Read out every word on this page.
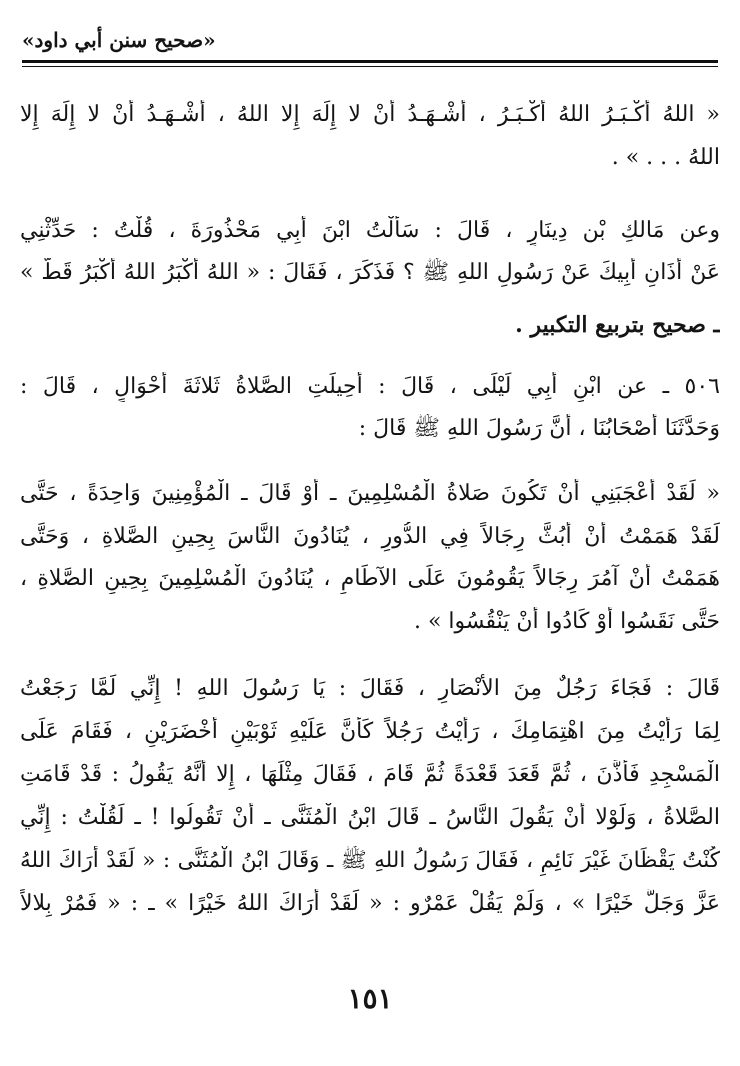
«صحيح سنن أبي داود»
« اللهُ أَكْـبَـرُ اللهُ أَكْـبَـرُ ، أَشْـهَـدُ أَنْ لا إِلَهَ إِلا اللهُ ، أَشْـهَـدُ أَنْ لا إِلَهَ إِلا
اللهُ . . . » .
وعن مَالكِ بْن دِينَارٍ ، قَالَ : سَأَلْتُ ابْنَ أَبِي مَحْذُورَةَ ، قُلْتُ : حَدِّثْنِي
عَنْ أَذَانِ أَبِيكَ عَنْ رَسُولِ اللهِ ﷺ ؟ فَذَكَرَ ، فَقَالَ : « اللهُ أَكْبَرُ اللهُ أَكْبَرُ قَطُّ »
ـ صحيح بتربيع التكبير .
٥٠٦ ـ عن ابْنِ أَبِي لَيْلَى ، قَالَ : أُحِيلَتِ الصَّلاةُ ثَلاثَةَ أَحْوَالٍ ، قَالَ :
وَحَدَّثَنَا أَصْحَابُنَا ، أَنَّ رَسُولَ اللهِ ﷺ قَالَ :
« لَقَدْ أَعْجَبَنِي أَنْ تَكُونَ صَلاةُ الْمُسْلِمِينَ ـ أَوْ قَالَ ـ الْمُؤْمِنِينَ وَاحِدَةً ، حَتَّى
لَقَدْ هَمَمْتُ أَنْ أَبُثَّ رِجَالاً فِي الدُّورِ ، يُنَادُونَ النَّاسَ بِحِينِ الصَّلاةِ ، وَحَتَّى
هَمَمْتُ أَنْ آمُرَ رِجَالاً يَقُومُونَ عَلَى الآطَامِ ، يُنَادُونَ الْمُسْلِمِينَ بِحِينِ الصَّلاةِ ،
حَتَّى نَقَسُوا أَوْ كَادُوا أَنْ يَنْقُسُوا » .
قَالَ : فَجَاءَ رَجُلٌ مِنَ الأَنْصَارِ ، فَقَالَ : يَا رَسُولَ اللهِ ! إِنِّي لَمَّا رَجَعْتُ
لِمَا رَأَيْتُ مِنَ اهْتِمَامِكَ ، رَأَيْتُ رَجُلاً كَأَنَّ عَلَيْهِ ثَوْبَيْنِ أَخْضَرَيْنِ ، فَقَامَ عَلَى
الْمَسْجِدِ فَأَذَّنَ ، ثُمَّ قَعَدَ قَعْدَةً ثُمَّ قَامَ ، فَقَالَ مِثْلَهَا ، إِلا أَنَّهُ يَقُولُ : قَدْ قَامَتِ
الصَّلاةُ ، وَلَوْلا أَنْ يَقُولَ النَّاسُ ـ قَالَ ابْنُ الْمُثَنَّى ـ أَنْ تَقُولُوا ! ـ لَقُلْتُ : إِنِّي
كُنْتُ يَقْظَانَ غَيْرَ نَائِمٍ ، فَقَالَ رَسُولُ اللهِ ﷺ ـ وَقَالَ ابْنُ الْمُثَنَّى : « لَقَدْ أَرَاكَ اللهُ
عَزَّ وَجَلَّ خَيْرًا » ، وَلَمْ يَقُلْ عَمْرٌو : « لَقَدْ أَرَاكَ اللهُ خَيْرًا » ـ : « فَمُرْ بِلالاً
١٥١
